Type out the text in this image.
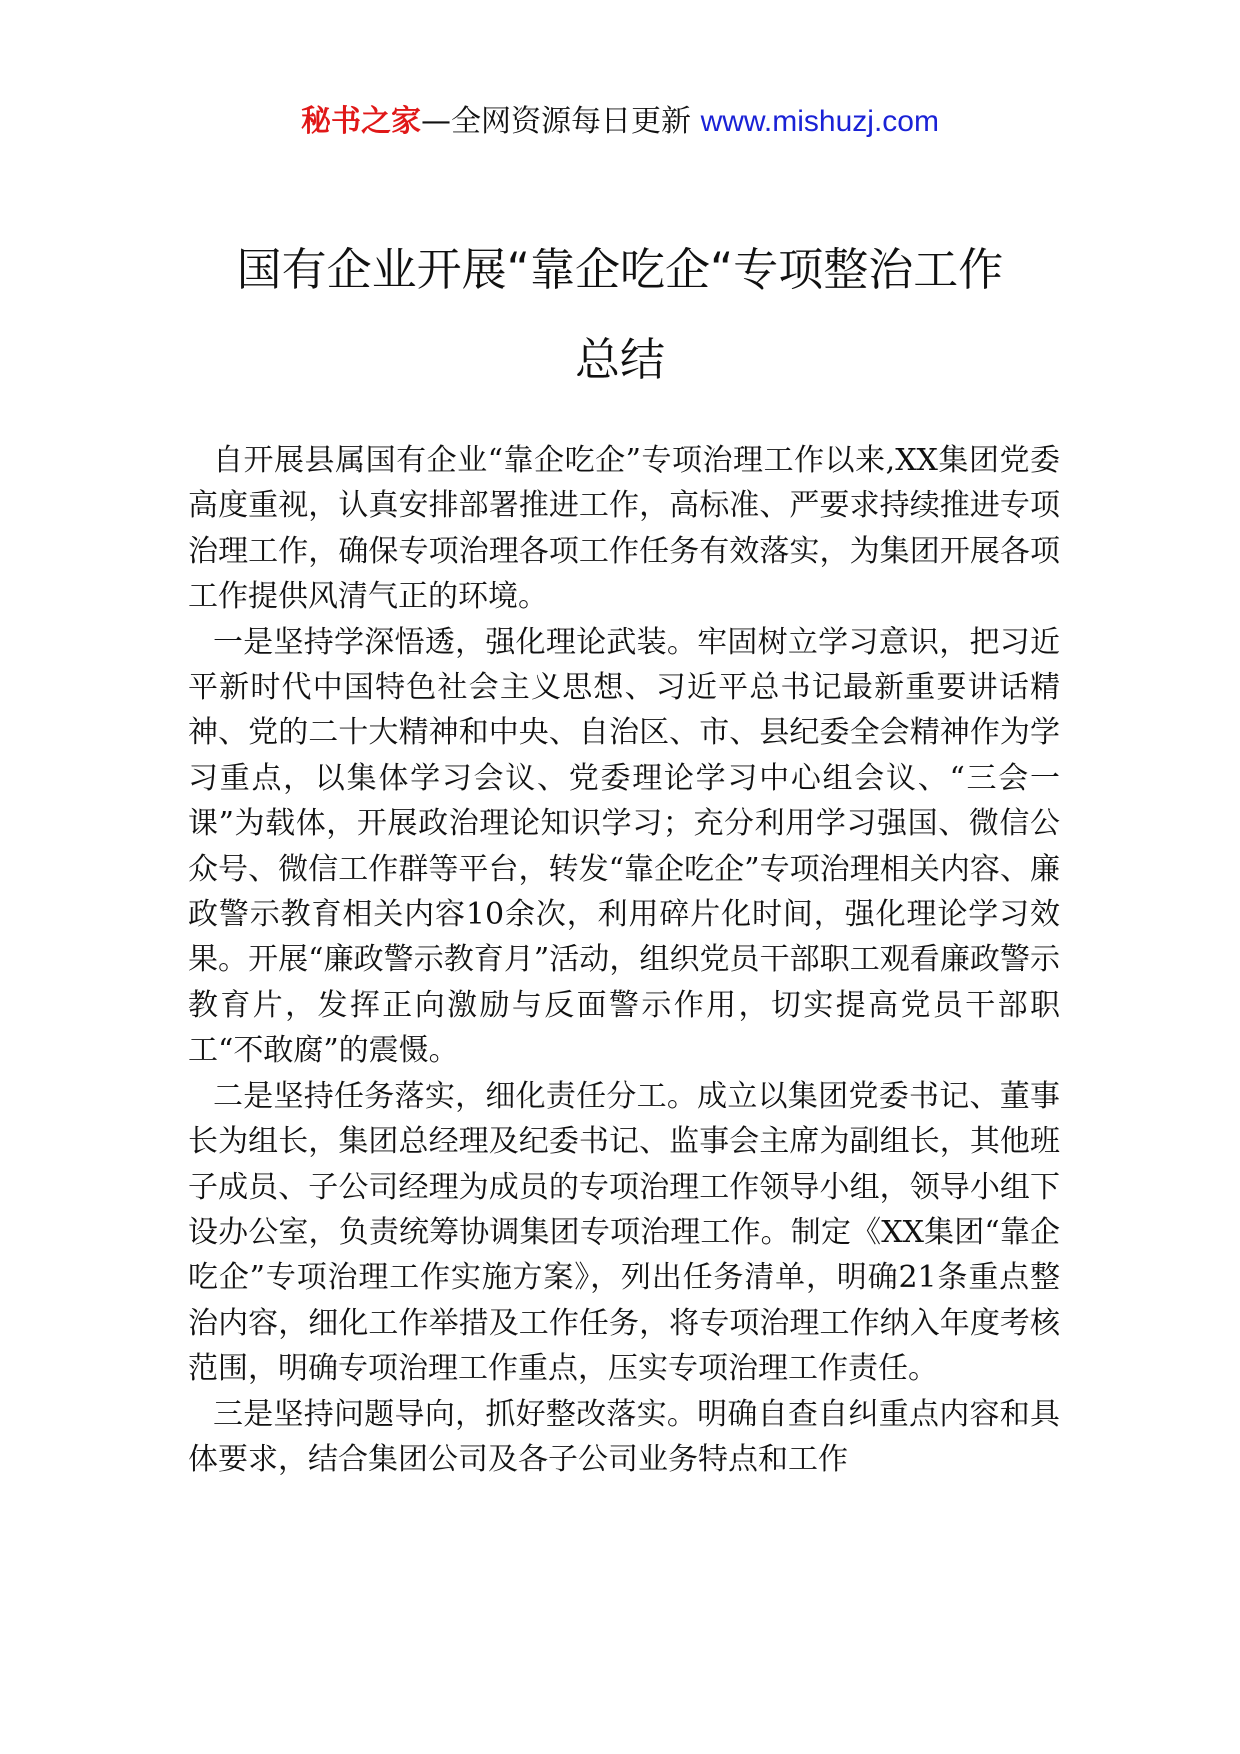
秘书之家—全网资源每日更新 www.mishuzj.com
国有企业开展“靠企吃企“专项整治工作
总结

自开展县属国有企业“靠企吃企”专项治理工作以来,XX集团党委高度重视，认真安排部署推进工作，高标准、严要求持续推进专项治理工作，确保专项治理各项工作任务有效落实，为集团开展各项工作提供风清气正的环境。

一是坚持学深悟透，强化理论武装。牢固树立学习意识，把习近平新时代中国特色社会主义思想、习近平总书记最新重要讲话精神、党的二十大精神和中央、自治区、市、县纪委全会精神作为学习重点，以集体学习会议、党委理论学习中心组会议、“三会一课”为载体，开展政治理论知识学习；充分利用学习强国、微信公众号、微信工作群等平台，转发“靠企吃企”专项治理相关内容、廉政警示教育相关内容10余次，利用碎片化时间，强化理论学习效果。开展“廉政警示教育月”活动，组织党员干部职工观看廉政警示教育片，发挥正向激励与反面警示作用，切实提高党员干部职工“不敢腐”的震慑。

二是坚持任务落实，细化责任分工。成立以集团党委书记、董事长为组长，集团总经理及纪委书记、监事会主席为副组长，其他班子成员、子公司经理为成员的专项治理工作领导小组，领导小组下设办公室，负责统筹协调集团专项治理工作。制定《XX集团“靠企吃企”专项治理工作实施方案》，列出任务清单，明确21条重点整治内容，细化工作举措及工作任务，将专项治理工作纳入年度考核范围，明确专项治理工作重点，压实专项治理工作责任。

三是坚持问题导向，抓好整改落实。明确自查自纠重点内容和具体要求，结合集团公司及各子公司业务特点和工作
